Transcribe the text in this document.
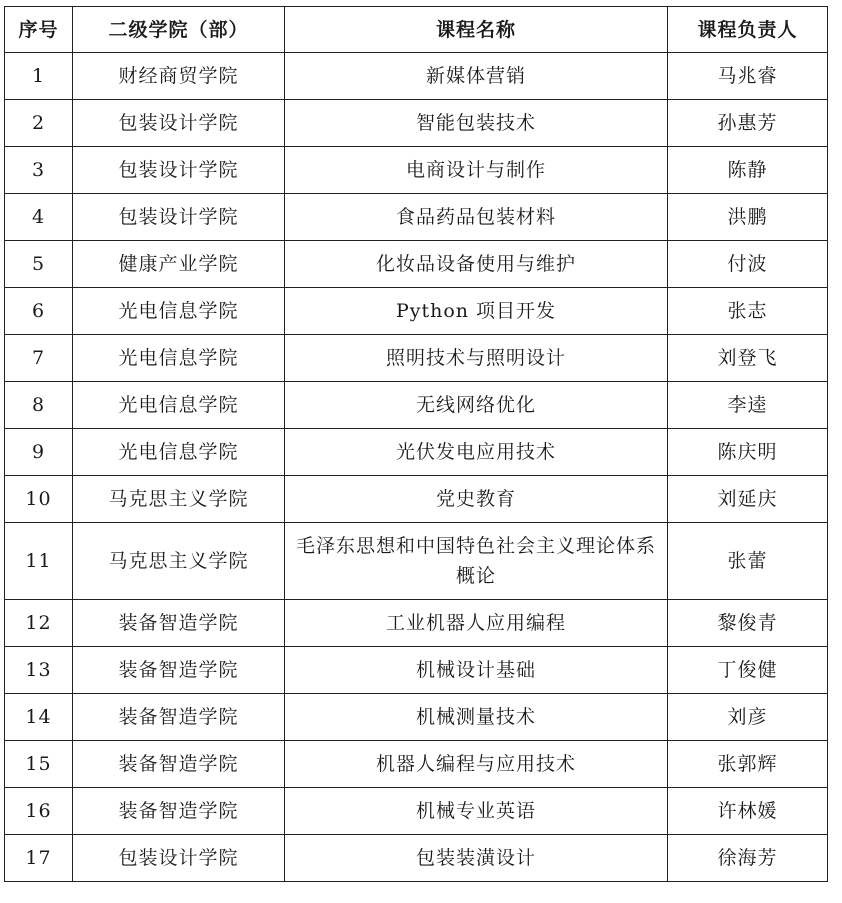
序号	二级学院（部）	课程名称	课程负责人
1	财经商贸学院	新媒体营销	马兆睿
2	包装设计学院	智能包装技术	孙惠芳
3	包装设计学院	电商设计与制作	陈静
4	包装设计学院	食品药品包装材料	洪鹏
5	健康产业学院	化妆品设备使用与维护	付波
6	光电信息学院	Python 项目开发	张志
7	光电信息学院	照明技术与照明设计	刘登飞
8	光电信息学院	无线网络优化	李逵
9	光电信息学院	光伏发电应用技术	陈庆明
10	马克思主义学院	党史教育	刘延庆
11	马克思主义学院	毛泽东思想和中国特色社会主义理论体系概论	张蕾
12	装备智造学院	工业机器人应用编程	黎俊青
13	装备智造学院	机械设计基础	丁俊健
14	装备智造学院	机械测量技术	刘彦
15	装备智造学院	机器人编程与应用技术	张郭辉
16	装备智造学院	机械专业英语	许林媛
17	包装设计学院	包装装潢设计	徐海芳
